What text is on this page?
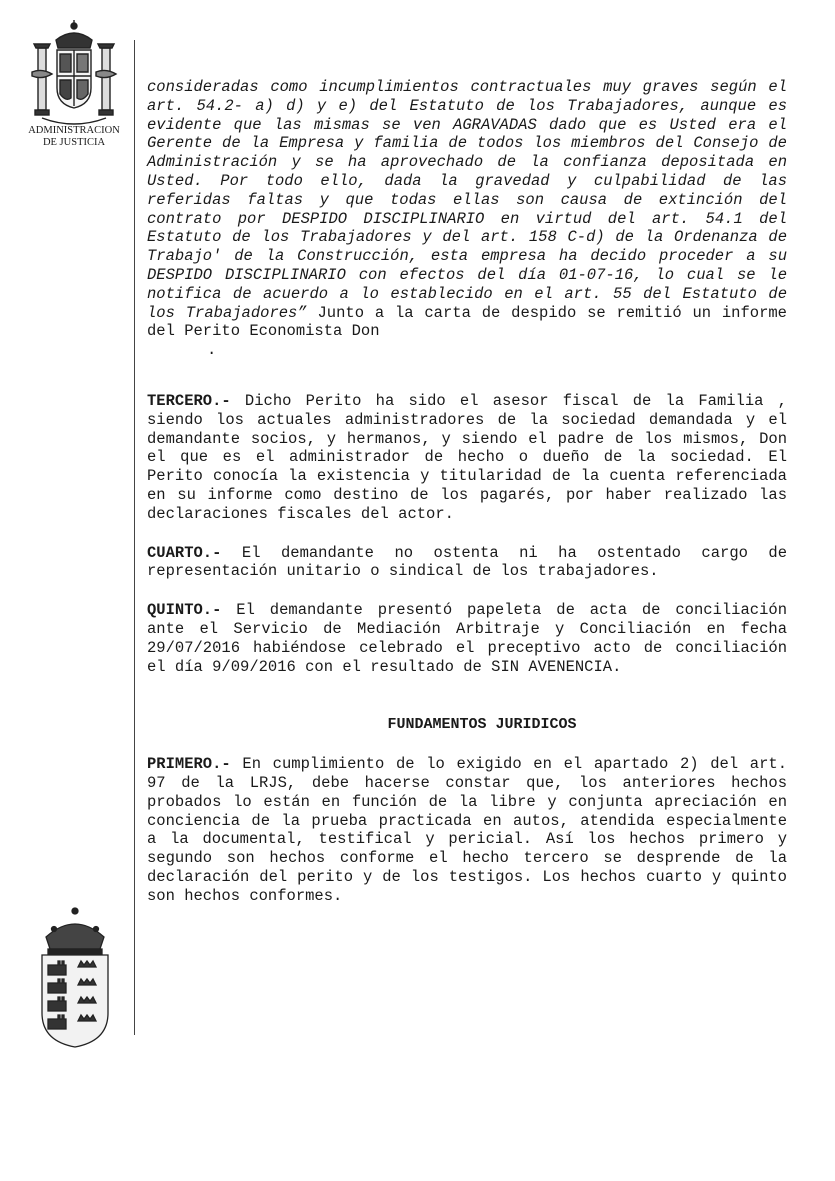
ADMINISTRACION
DE JUSTICIA

consideradas como incumplimientos contractuales muy graves según el art. 54.2- a) d) y e) del Estatuto de los Trabajadores, aunque es evidente que las mismas se ven AGRAVADAS dado que es Usted era el Gerente de la Empresa y familia de todos los miembros del Consejo de Administración y se ha aprovechado de la confianza depositada en Usted. Por todo ello, dada la gravedad y culpabilidad de las referidas faltas y que todas ellas son causa de extinción del contrato por DESPIDO DISCIPLINARIO en virtud del art. 54.1 del Estatuto de los Trabajadores y del art. 158 C-d) de la Ordenanza de Trabajo' de la Construcción, esta empresa ha decido proceder a su DESPIDO DISCIPLINARIO con efectos del día 01-07-16, lo cual se le notifica de acuerdo a lo establecido en el art. 55 del Estatuto de los Trabajadores” Junto a la carta de despido se remitió un informe del Perito Economista Don
.

TERCERO.- Dicho Perito ha sido el asesor fiscal de la Familia , siendo los actuales administradores de la sociedad demandada y el demandante socios, y hermanos, y siendo el padre de los mismos, Don el que es el administrador de hecho o dueño de la sociedad. El Perito conocía la existencia y titularidad de la cuenta referenciada en su informe como destino de los pagarés, por haber realizado las declaraciones fiscales del actor.

CUARTO.- El demandante no ostenta ni ha ostentado cargo de representación unitario o sindical de los trabajadores.

QUINTO.- El demandante presentó papeleta de acta de conciliación ante el Servicio de Mediación Arbitraje y Conciliación en fecha 29/07/2016 habiéndose celebrado el preceptivo acto de conciliación el día 9/09/2016 con el resultado de SIN AVENENCIA.

FUNDAMENTOS JURIDICOS

PRIMERO.- En cumplimiento de lo exigido en el apartado 2) del art. 97 de la LRJS, debe hacerse constar que, los anteriores hechos probados lo están en función de la libre y conjunta apreciación en conciencia de la prueba practicada en autos, atendida especialmente a la documental, testifical y pericial. Así los hechos primero y segundo son hechos conforme el hecho tercero se desprende de la declaración del perito y de los testigos. Los hechos cuarto y quinto son hechos conformes.
